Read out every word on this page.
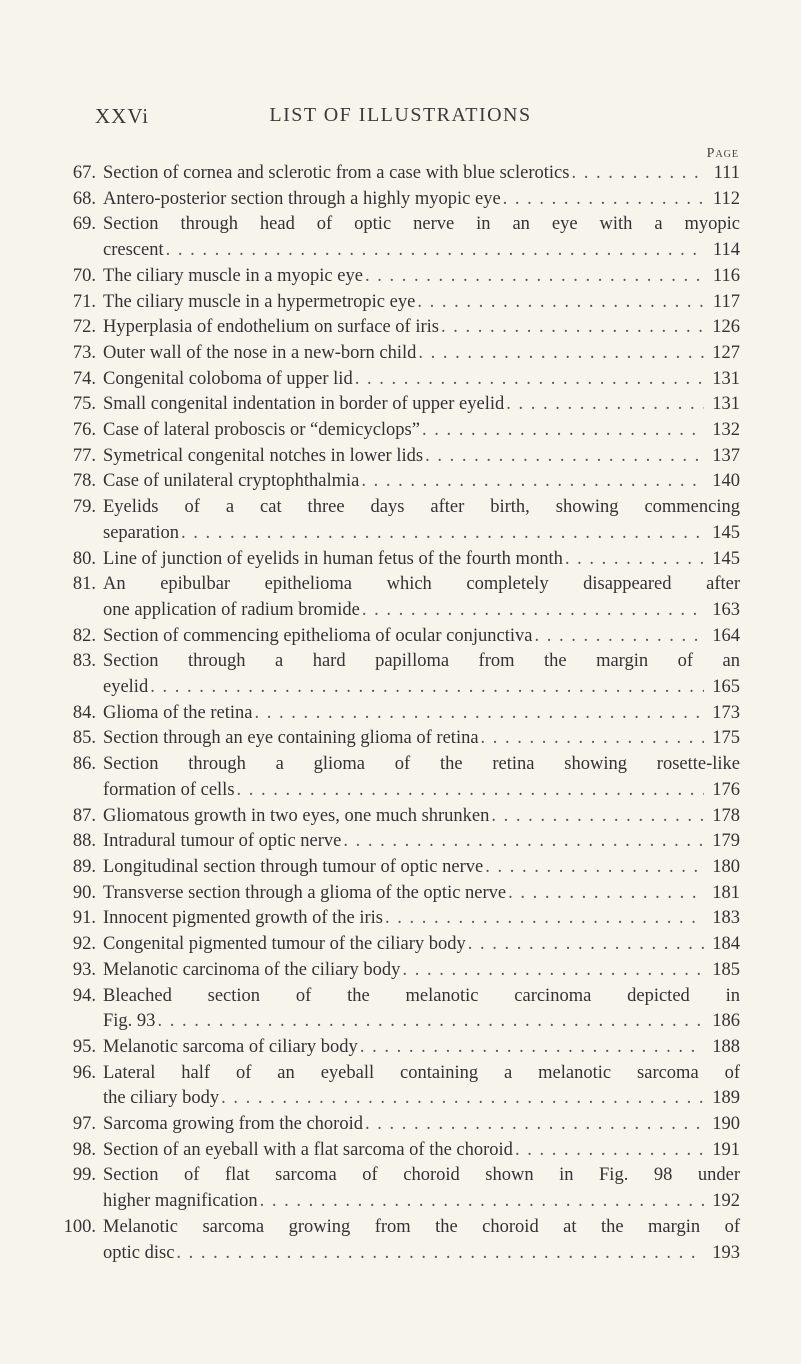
XXVi	LIST OF ILLUSTRATIONS
Page
67. Section of cornea and sclerotic from a case with blue sclerotics . . .	111
68. Antero-posterior section through a highly myopic eye . . .	112
69. Section through head of optic nerve in an eye with a myopic
crescent . . .	114
70. The ciliary muscle in a myopic eye . . .	116
71. The ciliary muscle in a hypermetropic eye . . .	117
72. Hyperplasia of endothelium on surface of iris . . .	126
73. Outer wall of the nose in a new-born child . . .	127
74. Congenital coloboma of upper lid . . .	131
75. Small congenital indentation in border of upper eyelid . . .	131
76. Case of lateral proboscis or “demicyclops” . . .	132
77. Symetrical congenital notches in lower lids . . .	137
78. Case of unilateral cryptophthalmia . . .	140
79. Eyelids of a cat three days after birth, showing commencing
separation . . .	145
80. Line of junction of eyelids in human fetus of the fourth month . . .	145
81. An epibulbar epithelioma which completely disappeared after
one application of radium bromide . . .	163
82. Section of commencing epithelioma of ocular conjunctiva . . .	164
83. Section through a hard papilloma from the margin of an
eyelid . . .	165
84. Glioma of the retina . . .	173
85. Section through an eye containing glioma of retina . . .	175
86. Section through a glioma of the retina showing rosette-like
formation of cells . . .	176
87. Gliomatous growth in two eyes, one much shrunken . . .	178
88. Intradural tumour of optic nerve . . .	179
89. Longitudinal section through tumour of optic nerve . . .	180
90. Transverse section through a glioma of the optic nerve . . .	181
91. Innocent pigmented growth of the iris . . .	183
92. Congenital pigmented tumour of the ciliary body . . .	184
93. Melanotic carcinoma of the ciliary body . . .	185
94. Bleached section of the melanotic carcinoma depicted in
Fig. 93 . . .	186
95. Melanotic sarcoma of ciliary body . . .	188
96. Lateral half of an eyeball containing a melanotic sarcoma of
the ciliary body . . .	189
97. Sarcoma growing from the choroid . . .	190
98. Section of an eyeball with a flat sarcoma of the choroid . . .	191
99. Section of flat sarcoma of choroid shown in Fig. 98 under
higher magnification . . .	192
100. Melanotic sarcoma growing from the choroid at the margin of
optic disc . . .	193
